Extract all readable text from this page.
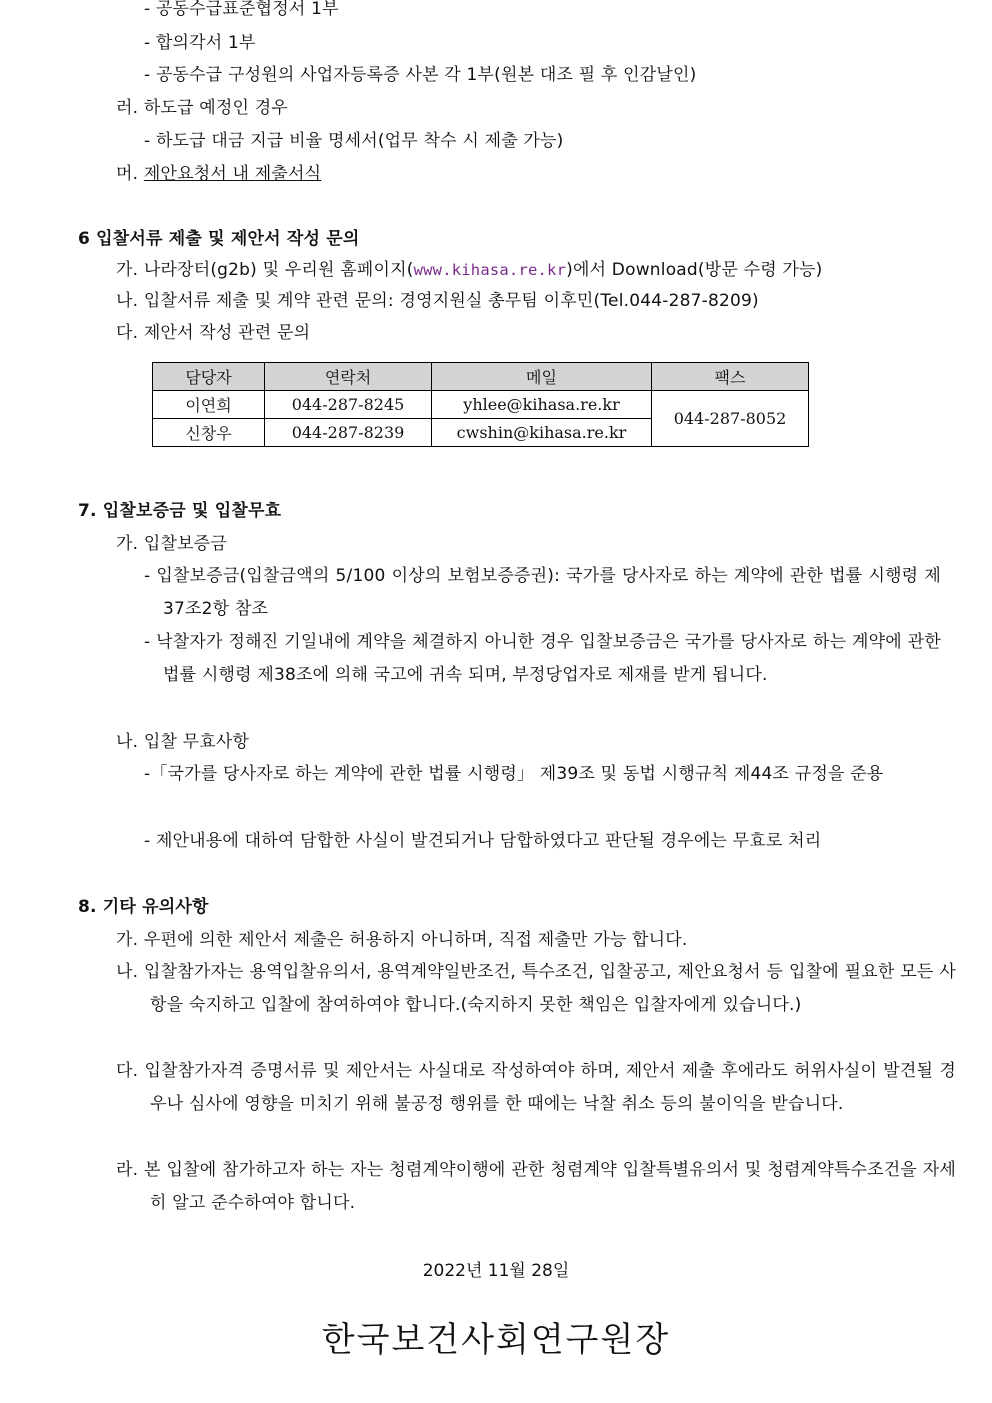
- 공동수급표준협정서 1부
- 합의각서 1부
- 공동수급 구성원의 사업자등록증 사본 각 1부(원본 대조 필 후 인감날인)
러. 하도급 예정인 경우
- 하도급 대금 지급 비율 명세서(업무 착수 시 제출 가능)
머. 제안요청서 내 제출서식
6 입찰서류 제출 및 제안서 작성 문의
가. 나라장터(g2b) 및 우리원 홈페이지(www.kihasa.re.kr)에서 Download(방문 수령 가능)
나. 입찰서류 제출 및 계약 관련 문의: 경영지원실 총무팀 이후민(Tel.044-287-8209)
다. 제안서 작성 관련 문의
담당자	연락처	메일	팩스
이연희	044-287-8245	yhlee@kihasa.re.kr	044-287-8052
신창우	044-287-8239	cwshin@kihasa.re.kr	
7. 입찰보증금 및 입찰무효
가. 입찰보증금
- 입찰보증금(입찰금액의 5/100 이상의 보험보증증권): 국가를 당사자로 하는 계약에 관한 법률 시행령 제37조2항 참조
- 낙찰자가 정해진 기일내에 계약을 체결하지 아니한 경우 입찰보증금은 국가를 당사자로 하는 계약에 관한 법률 시행령 제38조에 의해 국고에 귀속 되며, 부정당업자로 제재를 받게 됩니다.
나. 입찰 무효사항
-「국가를 당사자로 하는 계약에 관한 법률 시행령」 제39조 및 동법 시행규칙 제44조 규정을 준용
- 제안내용에 대하여 담합한 사실이 발견되거나 담합하였다고 판단될 경우에는 무효로 처리
8. 기타 유의사항
가. 우편에 의한 제안서 제출은 허용하지 아니하며, 직접 제출만 가능 합니다.
나. 입찰참가자는 용역입찰유의서, 용역계약일반조건, 특수조건, 입찰공고, 제안요청서 등 입찰에 필요한 모든 사항을 숙지하고 입찰에 참여하여야 합니다.(숙지하지 못한 책임은 입찰자에게 있습니다.)
다. 입찰참가자격 증명서류 및 제안서는 사실대로 작성하여야 하며, 제안서 제출 후에라도 허위사실이 발견될 경우나 심사에 영향을 미치기 위해 불공정 행위를 한 때에는 낙찰 취소 등의 불이익을 받습니다.
라. 본 입찰에 참가하고자 하는 자는 청렴계약이행에 관한 청렴계약 입찰특별유의서 및 청렴계약특수조건을 자세히 알고 준수하여야 합니다.
2022년 11월 28일
한국보건사회연구원장
